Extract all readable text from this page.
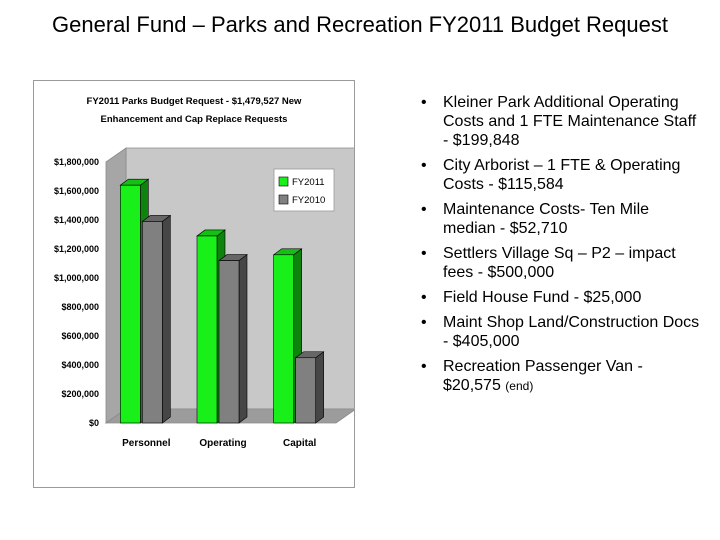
General Fund – Parks and Recreation FY2011 Budget Request
FY2011 Parks Budget Request - $1,479,527 New
Enhancement and Cap Replace Requests
$0
$200,000
$400,000
$600,000
$800,000
$1,000,000
$1,200,000
$1,400,000
$1,600,000
$1,800,000
Personnel	Operating	Capital
FY2011
FY2010
• Kleiner Park Additional Operating Costs and 1 FTE Maintenance Staff - $199,848
• City Arborist – 1 FTE & Operating Costs - $115,584
• Maintenance Costs- Ten Mile median - $52,710
• Settlers Village Sq – P2 – impact fees - $500,000
• Field House Fund - $25,000
• Maint Shop Land/Construction Docs - $405,000
• Recreation Passenger Van - $20,575 (end)
